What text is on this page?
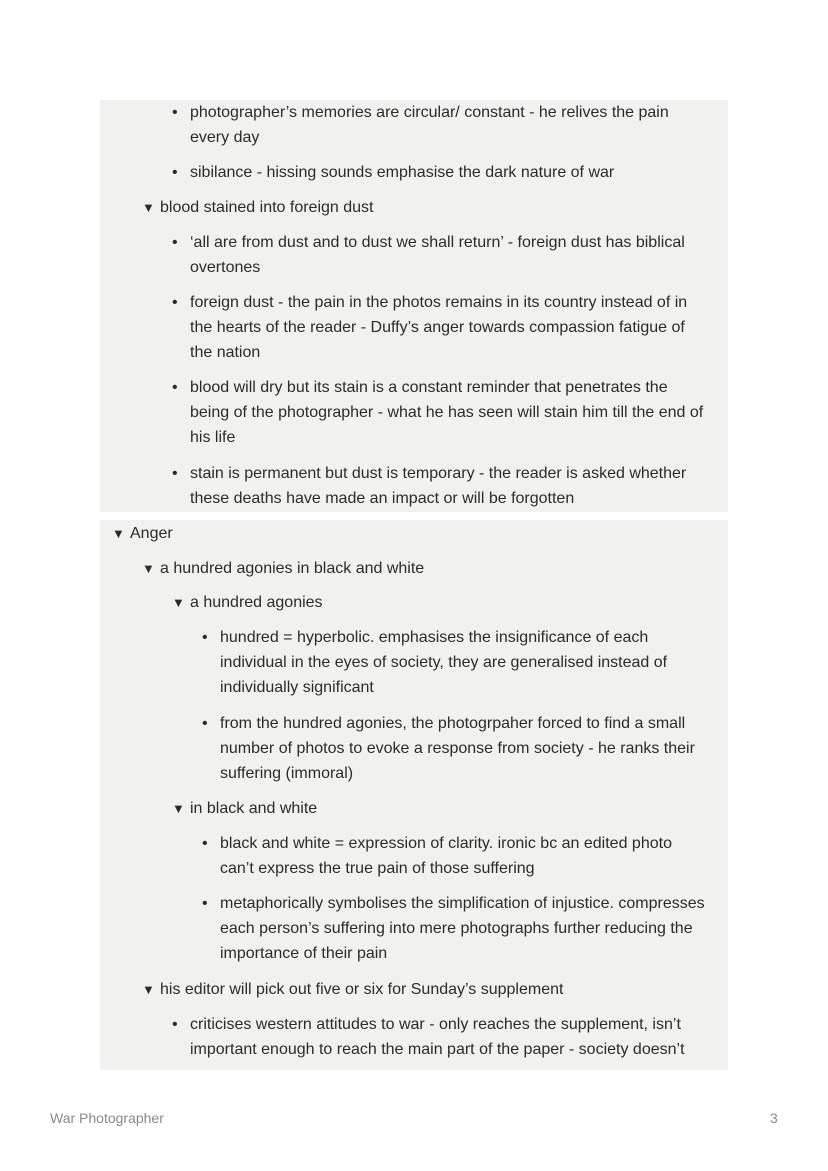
• photographer’s memories are circular/ constant - he relives the pain
every day
• sibilance - hissing sounds emphasise the dark nature of war
▼ blood stained into foreign dust
• ‘all are from dust and to dust we shall return’ - foreign dust has biblical
overtones
• foreign dust - the pain in the photos remains in its country instead of in
the hearts of the reader - Duffy’s anger towards compassion fatigue of
the nation
• blood will dry but its stain is a constant reminder that penetrates the
being of the photographer - what he has seen will stain him till the end of
his life
• stain is permanent but dust is temporary - the reader is asked whether
these deaths have made an impact or will be forgotten
▼ Anger
▼ a hundred agonies in black and white
▼ a hundred agonies
• hundred = hyperbolic. emphasises the insignificance of each
individual in the eyes of society, they are generalised instead of
individually significant
• from the hundred agonies, the photogrpaher forced to find a small
number of photos to evoke a response from society - he ranks their
suffering (immoral)
▼ in black and white
• black and white = expression of clarity. ironic bc an edited photo
can’t express the true pain of those suffering
• metaphorically symbolises the simplification of injustice. compresses
each person’s suffering into mere photographs further reducing the
importance of their pain
▼ his editor will pick out five or six for Sunday’s supplement
• criticises western attitudes to war - only reaches the supplement, isn’t
important enough to reach the main part of the paper - society doesn’t
War Photographer	3
